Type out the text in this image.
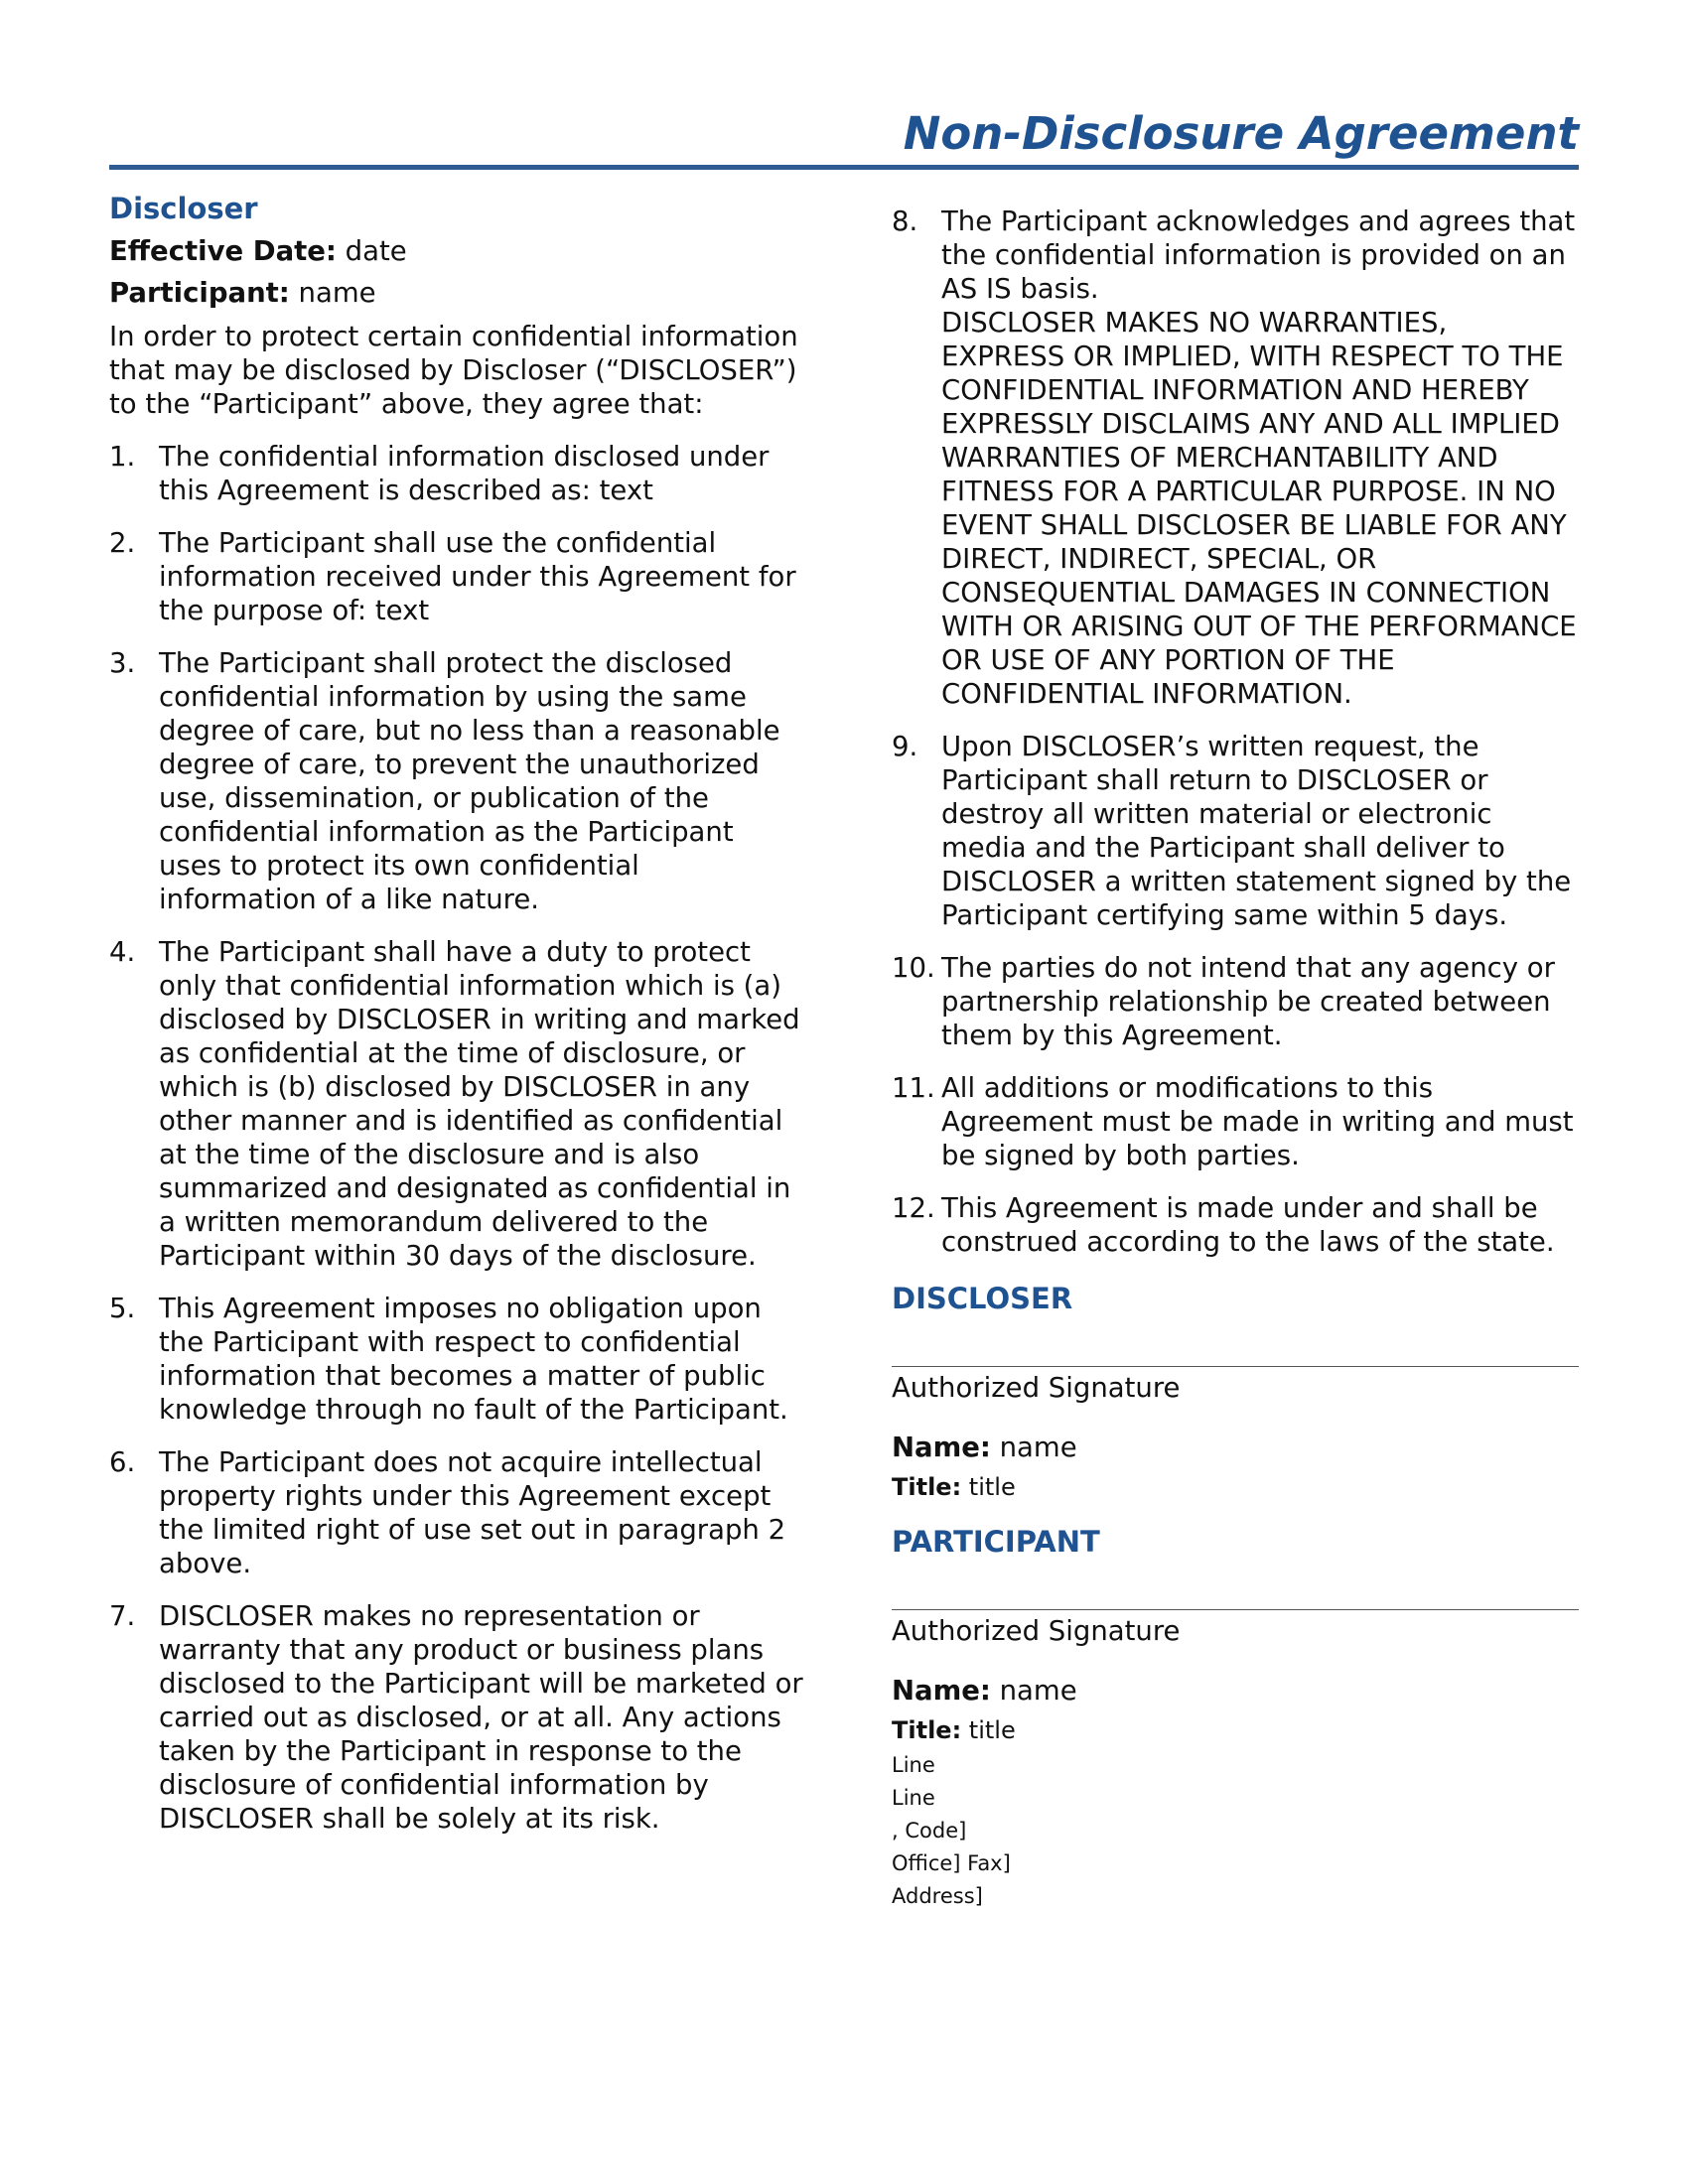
Non-Disclosure Agreement
Discloser
Effective Date: date
Participant: name
In order to protect certain confidential information that may be disclosed by Discloser (“DISCLOSER”) to the “Participant” above, they agree that:
1. The confidential information disclosed under this Agreement is described as: text
2. The Participant shall use the confidential information received under this Agreement for the purpose of: text
3. The Participant shall protect the disclosed confidential information by using the same degree of care, but no less than a reasonable degree of care, to prevent the unauthorized use, dissemination, or publication of the confidential information as the Participant uses to protect its own confidential information of a like nature.
4. The Participant shall have a duty to protect only that confidential information which is (a) disclosed by DISCLOSER in writing and marked as confidential at the time of disclosure, or which is (b) disclosed by DISCLOSER in any other manner and is identified as confidential at the time of the disclosure and is also summarized and designated as confidential in a written memorandum delivered to the Participant within 30 days of the disclosure.
5. This Agreement imposes no obligation upon the Participant with respect to confidential information that becomes a matter of public knowledge through no fault of the Participant.
6. The Participant does not acquire intellectual property rights under this Agreement except the limited right of use set out in paragraph 2 above.
7. DISCLOSER makes no representation or warranty that any product or business plans disclosed to the Participant will be marketed or carried out as disclosed, or at all. Any actions taken by the Participant in response to the disclosure of confidential information by DISCLOSER shall be solely at its risk.
8. The Participant acknowledges and agrees that the confidential information is provided on an AS IS basis.
DISCLOSER MAKES NO WARRANTIES, EXPRESS OR IMPLIED, WITH RESPECT TO THE CONFIDENTIAL INFORMATION AND HEREBY EXPRESSLY DISCLAIMS ANY AND ALL IMPLIED WARRANTIES OF MERCHANTABILITY AND FITNESS FOR A PARTICULAR PURPOSE. IN NO EVENT SHALL DISCLOSER BE LIABLE FOR ANY DIRECT, INDIRECT, SPECIAL, OR CONSEQUENTIAL DAMAGES IN CONNECTION WITH OR ARISING OUT OF THE PERFORMANCE OR USE OF ANY PORTION OF THE CONFIDENTIAL INFORMATION.
9. Upon DISCLOSER’s written request, the Participant shall return to DISCLOSER or destroy all written material or electronic media and the Participant shall deliver to DISCLOSER a written statement signed by the Participant certifying same within 5 days.
10. The parties do not intend that any agency or partnership relationship be created between them by this Agreement.
11. All additions or modifications to this Agreement must be made in writing and must be signed by both parties.
12. This Agreement is made under and shall be construed according to the laws of the state.
DISCLOSER
Authorized Signature
Name: name
Title: title
PARTICIPANT
Authorized Signature
Name: name
Title: title
Line
Line
, Code]
Office] Fax]
Address]
